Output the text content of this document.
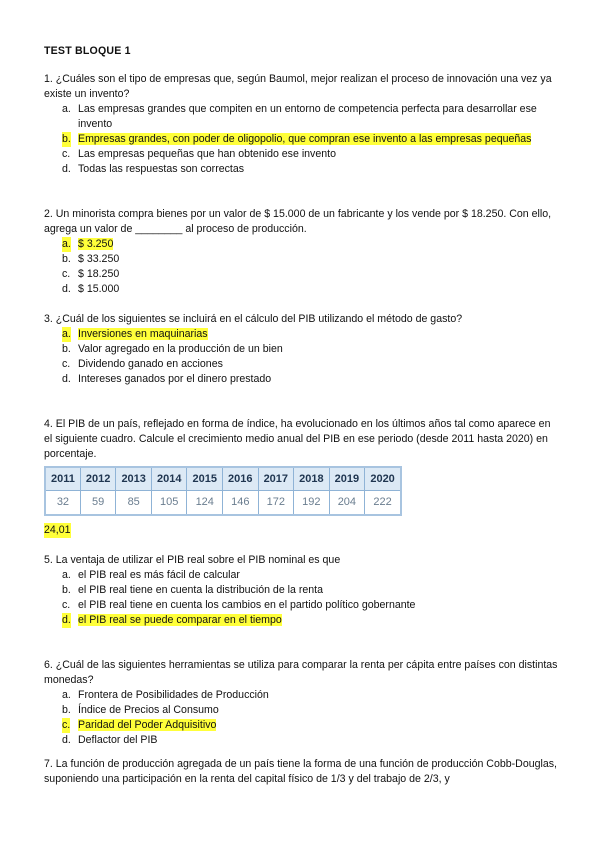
TEST BLOQUE 1

1. ¿Cuáles son el tipo de empresas que, según Baumol, mejor realizan el proceso de innovación una vez ya existe un invento?

a. Las empresas grandes que compiten en un entorno de competencia perfecta para desarrollar ese invento
b. Empresas grandes, con poder de oligopolio, que compran ese invento a las empresas pequeñas
c. Las empresas pequeñas que han obtenido ese invento
d. Todas las respuestas son correctas

2. Un minorista compra bienes por un valor de $ 15.000 de un fabricante y los vende por $ 18.250. Con ello, agrega un valor de ________ al proceso de producción.

a. $ 3.250
b. $ 33.250
c. $ 18.250
d. $ 15.000

3. ¿Cuál de los siguientes se incluirá en el cálculo del PIB utilizando el método de gasto?

a. Inversiones en maquinarias
b. Valor agregado en la producción de un bien
c. Dividendo ganado en acciones
d. Intereses ganados por el dinero prestado

4. El PIB de un país, reflejado en forma de índice, ha evolucionado en los últimos años tal como aparece en el siguiente cuadro. Calcule el crecimiento medio anual del PIB en ese periodo (desde 2011 hasta 2020) en porcentaje.

2011	2012	2013	2014	2015	2016	2017	2018	2019	2020
32	59	85	105	124	146	172	192	204	222
24,01

5. La ventaja de utilizar el PIB real sobre el PIB nominal es que

a. el PIB real es más fácil de calcular
b. el PIB real tiene en cuenta la distribución de la renta
c. el PIB real tiene en cuenta los cambios en el partido político gobernante
d. el PIB real se puede comparar en el tiempo

6. ¿Cuál de las siguientes herramientas se utiliza para comparar la renta per cápita entre países con distintas monedas?

a. Frontera de Posibilidades de Producción
b. Índice de Precios al Consumo
c. Paridad del Poder Adquisitivo
d. Deflactor del PIB

7. La función de producción agregada de un país tiene la forma de una función de producción Cobb-Douglas, suponiendo una participación en la renta del capital físico de 1/3 y del trabajo de 2/3, y
